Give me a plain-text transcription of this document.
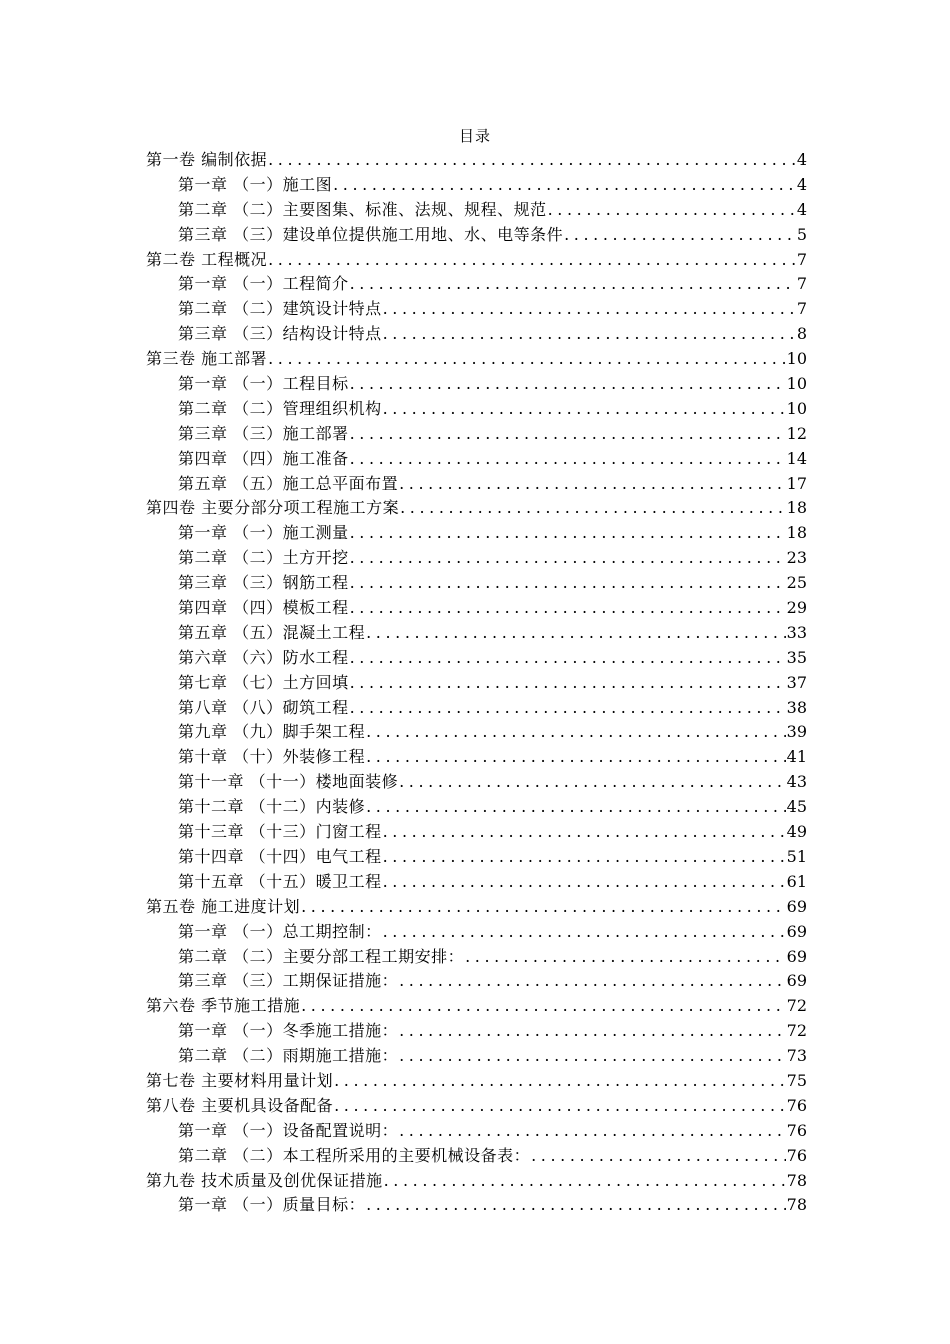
目录
第一卷 编制依据 .....	4
第一章 （一）施工图 .....	4
第二章 （二）主要图集、标准、法规、规程、规范 .....	4
第三章 （三）建设单位提供施工用地、水、电等条件 .....	5
第二卷 工程概况 .....	7
第一章 （一）工程简介 .....	7
第二章 （二）建筑设计特点 .....	7
第三章 （三）结构设计特点 .....	8
第三卷 施工部署 .....	10
第一章 （一）工程目标 .....	10
第二章 （二）管理组织机构 .....	10
第三章 （三）施工部署 .....	12
第四章 （四）施工准备 .....	14
第五章 （五）施工总平面布置 .....	17
第四卷 主要分部分项工程施工方案 .....	18
第一章 （一）施工测量 .....	18
第二章 （二）土方开挖 .....	23
第三章 （三）钢筋工程 .....	25
第四章 （四）模板工程 .....	29
第五章 （五）混凝土工程 .....	33
第六章 （六）防水工程 .....	35
第七章 （七）土方回填 .....	37
第八章 （八）砌筑工程 .....	38
第九章 （九）脚手架工程 .....	39
第十章 （十）外装修工程 .....	41
第十一章 （十一）楼地面装修 .....	43
第十二章 （十二）内装修 .....	45
第十三章 （十三）门窗工程 .....	49
第十四章 （十四）电气工程 .....	51
第十五章 （十五）暖卫工程 .....	61
第五卷 施工进度计划 .....	69
第一章 （一）总工期控制： .....	69
第二章 （二）主要分部工程工期安排： .....	69
第三章 （三）工期保证措施： .....	69
第六卷 季节施工措施 .....	72
第一章 （一）冬季施工措施： .....	72
第二章 （二）雨期施工措施： .....	73
第七卷 主要材料用量计划 .....	75
第八卷 主要机具设备配备 .....	76
第一章 （一）设备配置说明： .....	76
第二章 （二）本工程所采用的主要机械设备表： .....	76
第九卷 技术质量及创优保证措施 .....	78
第一章 （一）质量目标： .....	78
